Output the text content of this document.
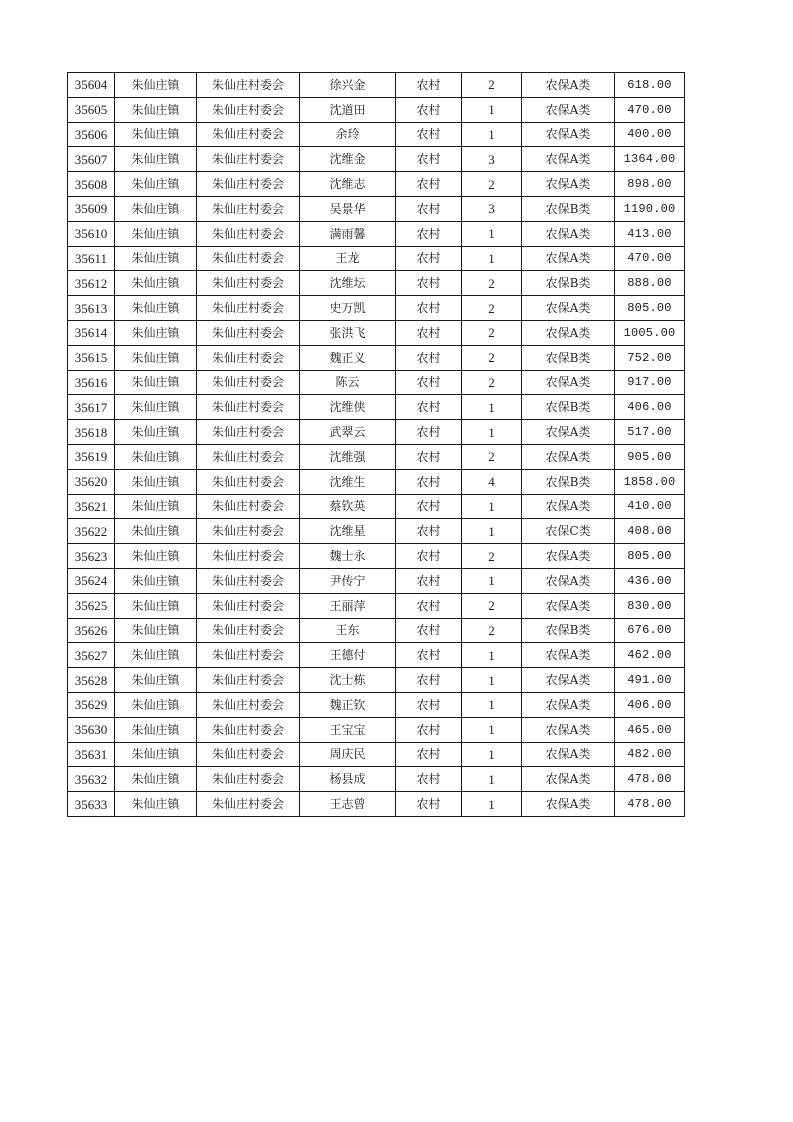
35604	朱仙庄镇	朱仙庄村委会	徐兴金	农村	2	农保A类	618.00
35605	朱仙庄镇	朱仙庄村委会	沈道田	农村	1	农保A类	470.00
35606	朱仙庄镇	朱仙庄村委会	余玲	农村	1	农保A类	400.00
35607	朱仙庄镇	朱仙庄村委会	沈维金	农村	3	农保A类	1364.00
35608	朱仙庄镇	朱仙庄村委会	沈维志	农村	2	农保A类	898.00
35609	朱仙庄镇	朱仙庄村委会	吴景华	农村	3	农保B类	1190.00
35610	朱仙庄镇	朱仙庄村委会	满雨馨	农村	1	农保A类	413.00
35611	朱仙庄镇	朱仙庄村委会	王龙	农村	1	农保A类	470.00
35612	朱仙庄镇	朱仙庄村委会	沈维坛	农村	2	农保B类	888.00
35613	朱仙庄镇	朱仙庄村委会	史万凯	农村	2	农保A类	805.00
35614	朱仙庄镇	朱仙庄村委会	张洪飞	农村	2	农保A类	1005.00
35615	朱仙庄镇	朱仙庄村委会	魏正义	农村	2	农保B类	752.00
35616	朱仙庄镇	朱仙庄村委会	陈云	农村	2	农保A类	917.00
35617	朱仙庄镇	朱仙庄村委会	沈维侠	农村	1	农保B类	406.00
35618	朱仙庄镇	朱仙庄村委会	武翠云	农村	1	农保A类	517.00
35619	朱仙庄镇	朱仙庄村委会	沈维强	农村	2	农保A类	905.00
35620	朱仙庄镇	朱仙庄村委会	沈维生	农村	4	农保B类	1858.00
35621	朱仙庄镇	朱仙庄村委会	蔡钦英	农村	1	农保A类	410.00
35622	朱仙庄镇	朱仙庄村委会	沈维星	农村	1	农保C类	408.00
35623	朱仙庄镇	朱仙庄村委会	魏士永	农村	2	农保A类	805.00
35624	朱仙庄镇	朱仙庄村委会	尹传宁	农村	1	农保A类	436.00
35625	朱仙庄镇	朱仙庄村委会	王丽萍	农村	2	农保A类	830.00
35626	朱仙庄镇	朱仙庄村委会	王东	农村	2	农保B类	676.00
35627	朱仙庄镇	朱仙庄村委会	王德付	农村	1	农保A类	462.00
35628	朱仙庄镇	朱仙庄村委会	沈士栋	农村	1	农保A类	491.00
35629	朱仙庄镇	朱仙庄村委会	魏正钦	农村	1	农保A类	406.00
35630	朱仙庄镇	朱仙庄村委会	王宝宝	农村	1	农保A类	465.00
35631	朱仙庄镇	朱仙庄村委会	周庆民	农村	1	农保A类	482.00
35632	朱仙庄镇	朱仙庄村委会	杨县成	农村	1	农保A类	478.00
35633	朱仙庄镇	朱仙庄村委会	王志曾	农村	1	农保A类	478.00
